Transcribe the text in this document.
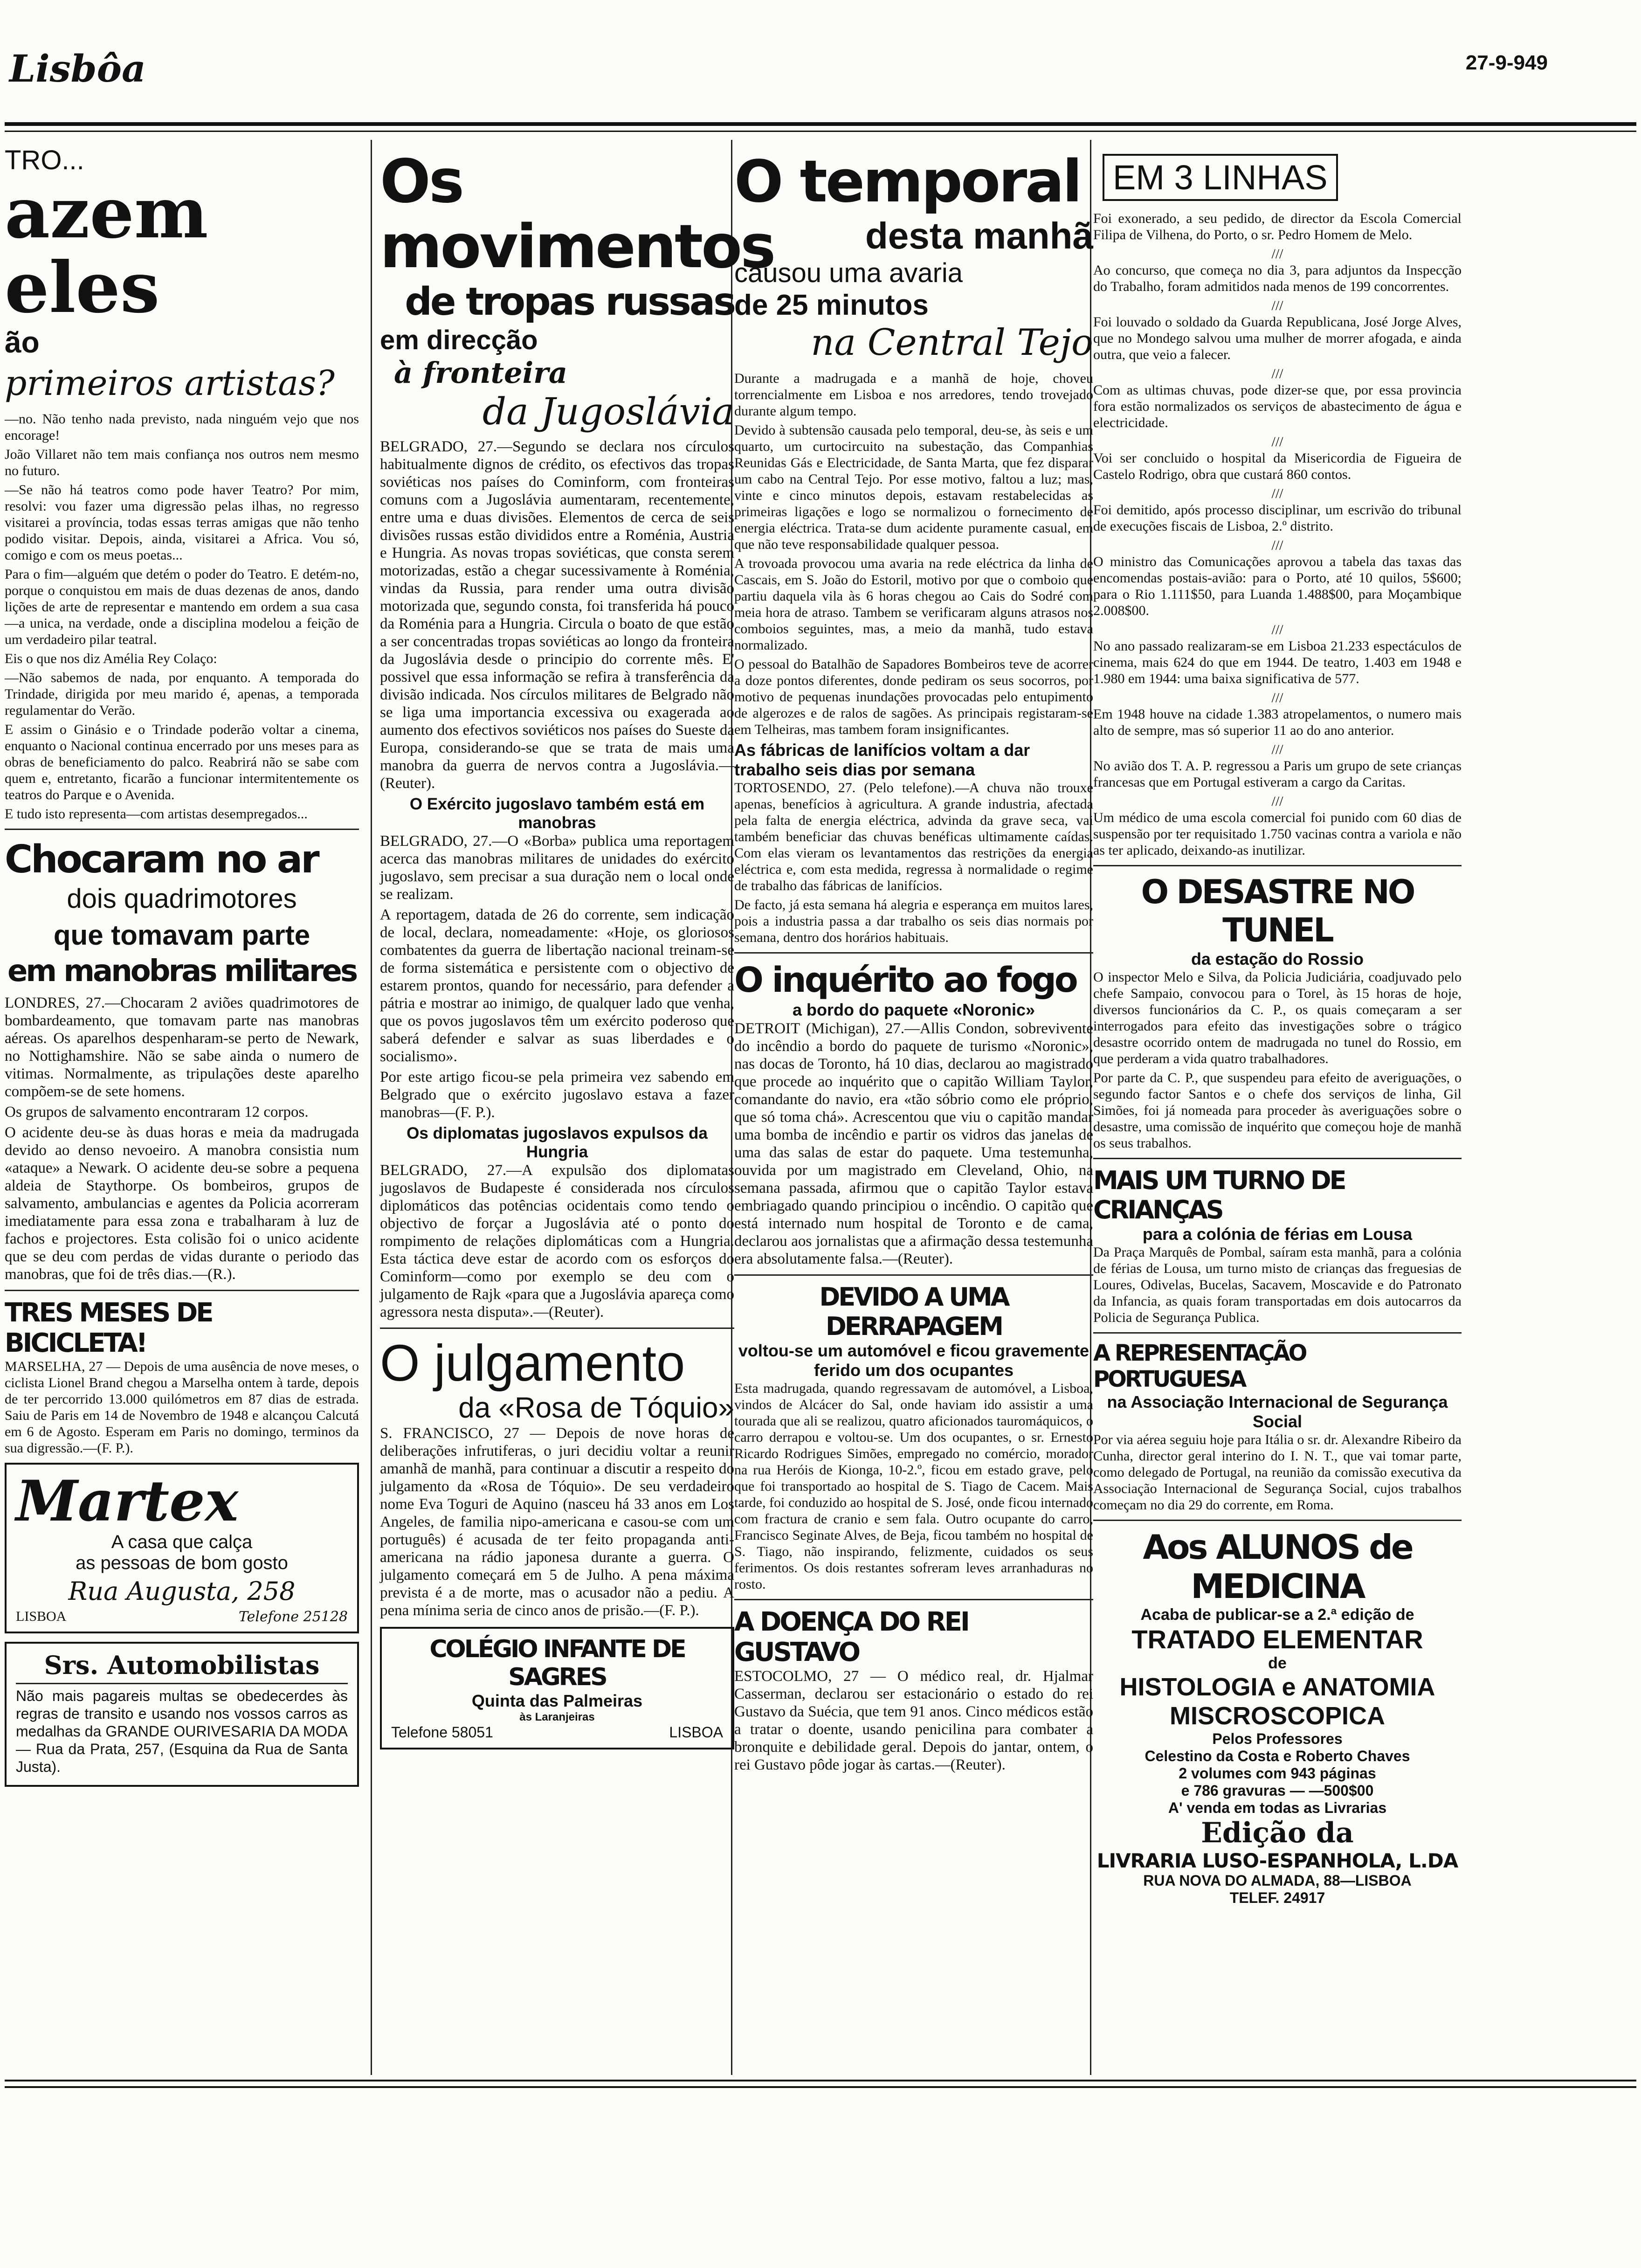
Lisbôa	27-9-949
TRO...
azem eles
ão
primeiros artistas?

—no. Não tenho nada previsto, nada ninguém vejo que nos encorage!

João Villaret não tem mais confiança nos outros nem mesmo no futuro.

—Se não há teatros como pode haver Teatro? Por mim, resolvi: vou fazer uma digressão pelas ilhas, no regresso visitarei a província, todas essas terras amigas que não tenho podido visitar. Depois, ainda, visitarei a Africa. Vou só, comigo e com os meus poetas...

Para o fim—alguém que detém o poder do Teatro. E detém-no, porque o conquistou em mais de duas dezenas de anos, dando lições de arte de representar e mantendo em ordem a sua casa—a unica, na verdade, onde a disciplina modelou a feição de um verdadeiro pilar teatral.

Eis o que nos diz Amélia Rey Colaço:

—Não sabemos de nada, por enquanto. A temporada do Trindade, dirigida por meu marido é, apenas, a temporada regulamentar do Verão.

E assim o Ginásio e o Trindade poderão voltar a cinema, enquanto o Nacional continua encerrado por uns meses para as obras de beneficiamento do palco. Reabrirá não se sabe com quem e, entretanto, ficarão a funcionar intermitentemente os teatros do Parque e o Avenida.

E tudo isto representa—com artistas desempregados...

Chocaram no ar
dois quadrimotores
que tomavam parte
em manobras militares

LONDRES, 27.—Chocaram 2 aviões quadrimotores de bombardeamento, que tomavam parte nas manobras aéreas. Os aparelhos despenharam-se perto de Newark, no Nottighamshire. Não se sabe ainda o numero de vitimas. Normalmente, as tripulações deste aparelho compõem-se de sete homens.

Os grupos de salvamento encontraram 12 corpos.

O acidente deu-se às duas horas e meia da madrugada devido ao denso nevoeiro. A manobra consistia num «ataque» a Newark. O acidente deu-se sobre a pequena aldeia de Staythorpe. Os bombeiros, grupos de salvamento, ambulancias e agentes da Policia acorreram imediatamente para essa zona e trabalharam à luz de fachos e projectores. Esta colisão foi o unico acidente que se deu com perdas de vidas durante o periodo das manobras, que foi de três dias.—(R.).

TRES MESES DE BICICLETA!

MARSELHA, 27 — Depois de uma ausência de nove meses, o ciclista Lionel Brand chegou a Marselha ontem à tarde, depois de ter percorrido 13.000 quilómetros em 87 dias de estrada. Saiu de Paris em 14 de Novembro de 1948 e alcançou Calcutá em 6 de Agosto. Esperam em Paris no domingo, terminos da sua digressão.—(F. P.).

Martex
A casa que calça
as pessoas de bom gosto
Rua Augusta, 258
LISBOA	Telefone 25128
Srs. Automobilistas

Não mais pagareis multas se obedecerdes às regras de transito e usando nos vossos carros as medalhas da GRANDE OURIVESARIA DA MODA — Rua da Prata, 257, (Esquina da Rua de Santa Justa).

Os movimentos
de tropas russas
em direcção
à fronteira
da Jugoslávia

BELGRADO, 27.—Segundo se declara nos círculos habitualmente dignos de crédito, os efectivos das tropas soviéticas nos países do Cominform, com fronteiras comuns com a Jugoslávia aumentaram, recentemente, entre uma e duas divisões. Elementos de cerca de seis divisões russas estão divididos entre a Roménia, Austria e Hungria. As novas tropas soviéticas, que consta serem motorizadas, estão a chegar sucessivamente à Roménia, vindas da Russia, para render uma outra divisão motorizada que, segundo consta, foi transferida há pouco da Roménia para a Hungria. Circula o boato de que estão a ser concentradas tropas soviéticas ao longo da fronteira da Jugoslávia desde o principio do corrente mês. E' possivel que essa informação se refira à transferência da divisão indicada. Nos círculos militares de Belgrado não se liga uma importancia excessiva ou exagerada ao aumento dos efectivos soviéticos nos países do Sueste da Europa, considerando-se que se trata de mais uma manobra da guerra de nervos contra a Jugoslávia.—(Reuter).

O Exército jugoslavo também está em manobras

BELGRADO, 27.—O «Borba» publica uma reportagem acerca das manobras militares de unidades do exército jugoslavo, sem precisar a sua duração nem o local onde se realizam.

A reportagem, datada de 26 do corrente, sem indicação de local, declara, nomeadamente: «Hoje, os gloriosos combatentes da guerra de libertação nacional treinam-se de forma sistemática e persistente com o objectivo de estarem prontos, quando for necessário, para defender a pátria e mostrar ao inimigo, de qualquer lado que venha, que os povos jugoslavos têm um exército poderoso que saberá defender e salvar as suas liberdades e o socialismo».

Por este artigo ficou-se pela primeira vez sabendo em Belgrado que o exército jugoslavo estava a fazer manobras—(F. P.).

Os diplomatas jugoslavos expulsos da Hungria

BELGRADO, 27.—A expulsão dos diplomatas jugoslavos de Budapeste é considerada nos círculos diplomáticos das potências ocidentais como tendo o objectivo de forçar a Jugoslávia até o ponto do rompimento de relações diplomáticas com a Hungria. Esta táctica deve estar de acordo com os esforços do Cominform—como por exemplo se deu com o julgamento de Rajk «para que a Jugoslávia apareça como agressora nesta disputa».—(Reuter).

O julgamento
da «Rosa de Tóquio»

S. FRANCISCO, 27 — Depois de nove horas de deliberações infrutiferas, o juri decidiu voltar a reunir amanhã de manhã, para continuar a discutir a respeito do julgamento da «Rosa de Tóquio». De seu verdadeiro nome Eva Toguri de Aquino (nasceu há 33 anos em Los Angeles, de familia nipo-americana e casou-se com um português) é acusada de ter feito propaganda anti-americana na rádio japonesa durante a guerra. O julgamento começará em 5 de Julho. A pena máxima prevista é a de morte, mas o acusador não a pediu. A pena mínima seria de cinco anos de prisão.—(F. P.).

COLÉGIO INFANTE DE SAGRES
Quinta das Palmeiras
às Laranjeiras
Telefone 58051	LISBOA
O temporal
desta manhã
causou uma avaria
de 25 minutos
na Central Tejo

Durante a madrugada e a manhã de hoje, choveu torrencialmente em Lisboa e nos arredores, tendo trovejado durante algum tempo.

Devido à subtensão causada pelo temporal, deu-se, às seis e um quarto, um curtocircuito na subestação, das Companhias Reunidas Gás e Electricidade, de Santa Marta, que fez disparar um cabo na Central Tejo. Por esse motivo, faltou a luz; mas, vinte e cinco minutos depois, estavam restabelecidas as primeiras ligações e logo se normalizou o fornecimento de energia eléctrica. Trata-se dum acidente puramente casual, em que não teve responsabilidade qualquer pessoa.

A trovoada provocou uma avaria na rede eléctrica da linha de Cascais, em S. João do Estoril, motivo por que o comboio que partiu daquela vila às 6 horas chegou ao Cais do Sodré com meia hora de atraso. Tambem se verificaram alguns atrasos nos comboios seguintes, mas, a meio da manhã, tudo estava normalizado.

O pessoal do Batalhão de Sapadores Bombeiros teve de acorrer a doze pontos diferentes, donde pediram os seus socorros, por motivo de pequenas inundações provocadas pelo entupimento de algerozes e de ralos de sagões. As principais registaram-se em Telheiras, mas tambem foram insignificantes.

As fábricas de lanifícios voltam a dar trabalho seis dias por semana

TORTOSENDO, 27. (Pelo telefone).—A chuva não trouxe apenas, benefícios à agricultura. A grande industria, afectada pela falta de energia eléctrica, advinda da grave seca, vai também beneficiar das chuvas benéficas ultimamente caídas. Com elas vieram os levantamentos das restrições da energia eléctrica e, com esta medida, regressa à normalidade o regime de trabalho das fábricas de lanifícios.

De facto, já esta semana há alegria e esperança em muitos lares, pois a industria passa a dar trabalho os seis dias normais por semana, dentro dos horários habituais.

O inquérito ao fogo
a bordo do paquete «Noronic»

DETROIT (Michigan), 27.—Allis Condon, sobrevivente do incêndio a bordo do paquete de turismo «Noronic», nas docas de Toronto, há 10 dias, declarou ao magistrado que procede ao inquérito que o capitão William Taylor, comandante do navio, era «tão sóbrio como ele próprio, que só toma chá». Acrescentou que viu o capitão mandar uma bomba de incêndio e partir os vidros das janelas de uma das salas de estar do paquete. Uma testemunha, ouvida por um magistrado em Cleveland, Ohio, na semana passada, afirmou que o capitão Taylor estava embriagado quando principiou o incêndio. O capitão que está internado num hospital de Toronto e de cama, declarou aos jornalistas que a afirmação dessa testemunha era absolutamente falsa.—(Reuter).

DEVIDO A UMA DERRAPAGEM
voltou-se um automóvel e ficou gravemente ferido um dos ocupantes

Esta madrugada, quando regressavam de automóvel, a Lisboa, vindos de Alcácer do Sal, onde haviam ido assistir a uma tourada que ali se realizou, quatro aficionados tauromáquicos, o carro derrapou e voltou-se. Um dos ocupantes, o sr. Ernesto Ricardo Rodrigues Simões, empregado no comércio, morador na rua Heróis de Kionga, 10-2.º, ficou em estado grave, pelo que foi transportado ao hospital de S. Tiago de Cacem. Mais tarde, foi conduzido ao hospital de S. José, onde ficou internado com fractura de cranio e sem fala. Outro ocupante do carro, Francisco Seginate Alves, de Beja, ficou também no hospital de S. Tiago, não inspirando, felizmente, cuidados os seus ferimentos. Os dois restantes sofreram leves arranhaduras no rosto.

A DOENÇA DO REI GUSTAVO

ESTOCOLMO, 27 — O médico real, dr. Hjalmar Casserman, declarou ser estacionário o estado do rei Gustavo da Suécia, que tem 91 anos. Cinco médicos estão a tratar o doente, usando penicilina para combater a bronquite e debilidade geral. Depois do jantar, ontem, o rei Gustavo pôde jogar às cartas.—(Reuter).

EM 3 LINHAS

Foi exonerado, a seu pedido, de director da Escola Comercial Filipa de Vilhena, do Porto, o sr. Pedro Homem de Melo.

///

Ao concurso, que começa no dia 3, para adjuntos da Inspecção do Trabalho, foram admitidos nada menos de 199 concorrentes.

///

Foi louvado o soldado da Guarda Republicana, José Jorge Alves, que no Mondego salvou uma mulher de morrer afogada, e ainda outra, que veio a falecer.

///

Com as ultimas chuvas, pode dizer-se que, por essa provincia fora estão normalizados os serviços de abastecimento de água e electricidade.

///

Voi ser concluido o hospital da Misericordia de Figueira de Castelo Rodrigo, obra que custará 860 contos.

///

Foi demitido, após processo disciplinar, um escrivão do tribunal de execuções fiscais de Lisboa, 2.º distrito.

///

O ministro das Comunicações aprovou a tabela das taxas das encomendas postais-avião: para o Porto, até 10 quilos, 5$600; para o Rio 1.111$50, para Luanda 1.488$00, para Moçambique 2.008$00.

///

No ano passado realizaram-se em Lisboa 21.233 espectáculos de cinema, mais 624 do que em 1944. De teatro, 1.403 em 1948 e 1.980 em 1944: uma baixa significativa de 577.

///

Em 1948 houve na cidade 1.383 atropelamentos, o numero mais alto de sempre, mas só superior 11 ao do ano anterior.

///

No avião dos T. A. P. regressou a Paris um grupo de sete crianças francesas que em Portugal estiveram a cargo da Caritas.

///

Um médico de uma escola comercial foi punido com 60 dias de suspensão por ter requisitado 1.750 vacinas contra a variola e não as ter aplicado, deixando-as inutilizar.

O DESASTRE NO TUNEL
da estação do Rossio

O inspector Melo e Silva, da Policia Judiciária, coadjuvado pelo chefe Sampaio, convocou para o Torel, às 15 horas de hoje, diversos funcionários da C. P., os quais começaram a ser interrogados para efeito das investigações sobre o trágico desastre ocorrido ontem de madrugada no tunel do Rossio, em que perderam a vida quatro trabalhadores.

Por parte da C. P., que suspendeu para efeito de averiguações, o segundo factor Santos e o chefe dos serviços de linha, Gil Simões, foi já nomeada para proceder às averiguações sobre o desastre, uma comissão de inquérito que começou hoje de manhã os seus trabalhos.

MAIS UM TURNO DE CRIANÇAS
para a colónia de férias em Lousa

Da Praça Marquês de Pombal, saíram esta manhã, para a colónia de férias de Lousa, um turno misto de crianças das freguesias de Loures, Odivelas, Bucelas, Sacavem, Moscavide e do Patronato da Infancia, as quais foram transportadas em dois autocarros da Policia de Segurança Publica.

A REPRESENTAÇÃO PORTUGUESA
na Associação Internacional de Segurança Social

Por via aérea seguiu hoje para Itália o sr. dr. Alexandre Ribeiro da Cunha, director geral interino do I. N. T., que vai tomar parte, como delegado de Portugal, na reunião da comissão executiva da Associação Internacional de Segurança Social, cujos trabalhos começam no dia 29 do corrente, em Roma.

Aos ALUNOS de MEDICINA
Acaba de publicar-se a 2.ª edição de
TRATADO ELEMENTAR
de
HISTOLOGIA e ANATOMIA
MISCROSCOPICA
Pelos Professores
Celestino da Costa e Roberto Chaves
2 volumes com 943 páginas
e 786 gravuras — —500$00
A' venda em todas as Livrarias
Edição da
LIVRARIA LUSO-ESPANHOLA, L.DA
RUA NOVA DO ALMADA, 88—LISBOA
TELEF. 24917
